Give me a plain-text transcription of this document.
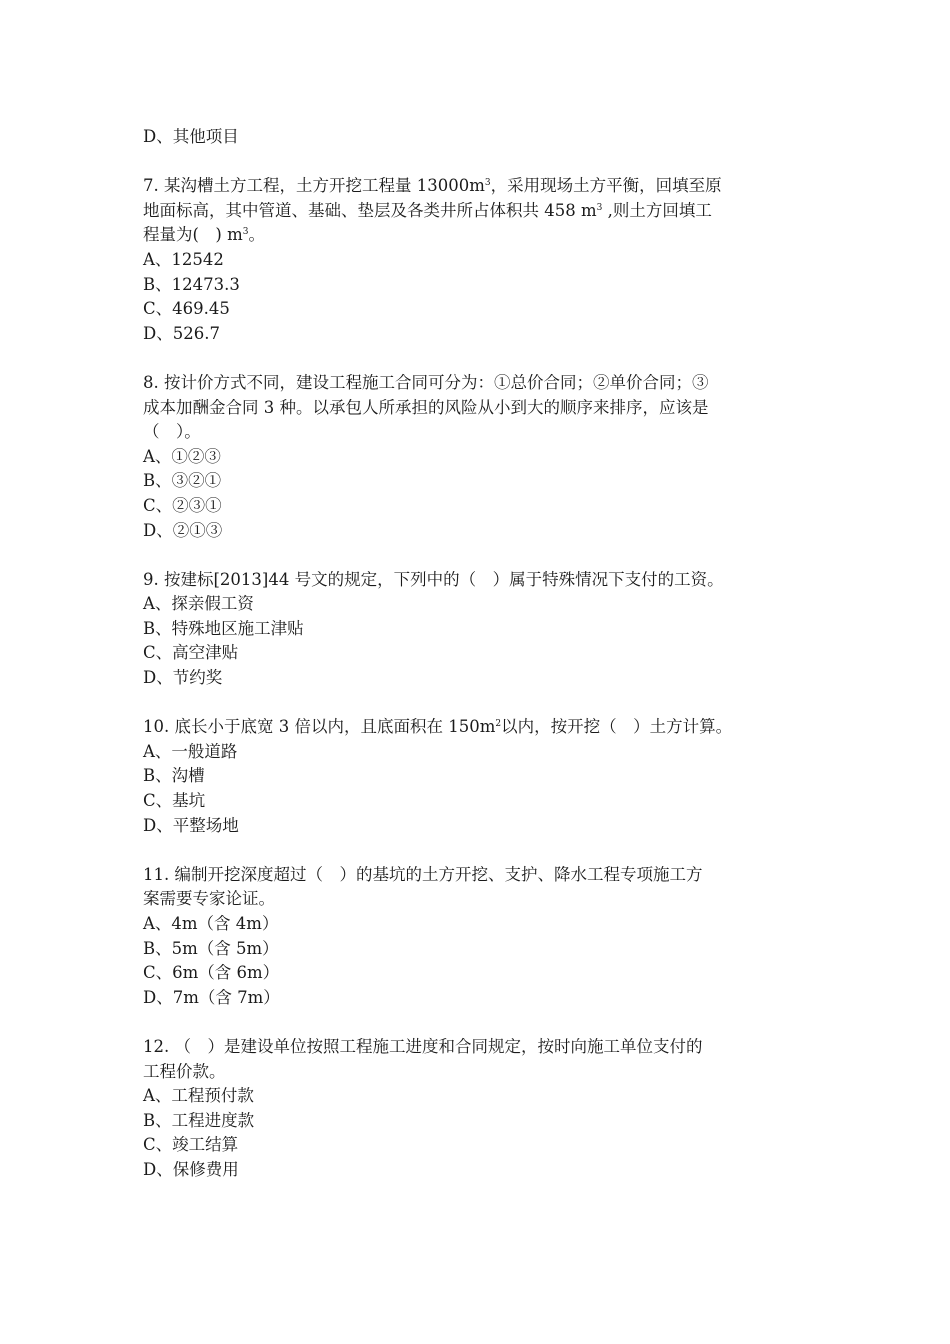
D、其他项目
7. 某沟槽土方工程，土方开挖工程量 $13000m^3$，采用现场土方平衡，回填至原
地面标高，其中管道、基础、垫层及各类井所占体积共 458 $m^3$ ,则土方回填工
程量为(　) $m^3$。
A、12542
B、12473.3
C、469.45
D、526.7
8. 按计价方式不同，建设工程施工合同可分为：①总价合同；②单价合同；③
成本加酬金合同 3 种。以承包人所承担的风险从小到大的顺序来排序，应该是
（　）。
A、①②③
B、③②①
C、②③①
D、②①③
9. 按建标[2013]44 号文的规定，下列中的（　）属于特殊情况下支付的工资。
A、探亲假工资
B、特殊地区施工津贴
C、高空津贴
D、节约奖
10. 底长小于底宽 3 倍以内，且底面积在 $150m^2$以内，按开挖（　）土方计算。
A、一般道路
B、沟槽
C、基坑
D、平整场地
11. 编制开挖深度超过（　）的基坑的土方开挖、支护、降水工程专项施工方
案需要专家论证。
A、4m（含 4m）
B、5m（含 5m）
C、6m（含 6m）
D、7m（含 7m）
12. （　）是建设单位按照工程施工进度和合同规定，按时向施工单位支付的
工程价款。
A、工程预付款
B、工程进度款
C、竣工结算
D、保修费用
